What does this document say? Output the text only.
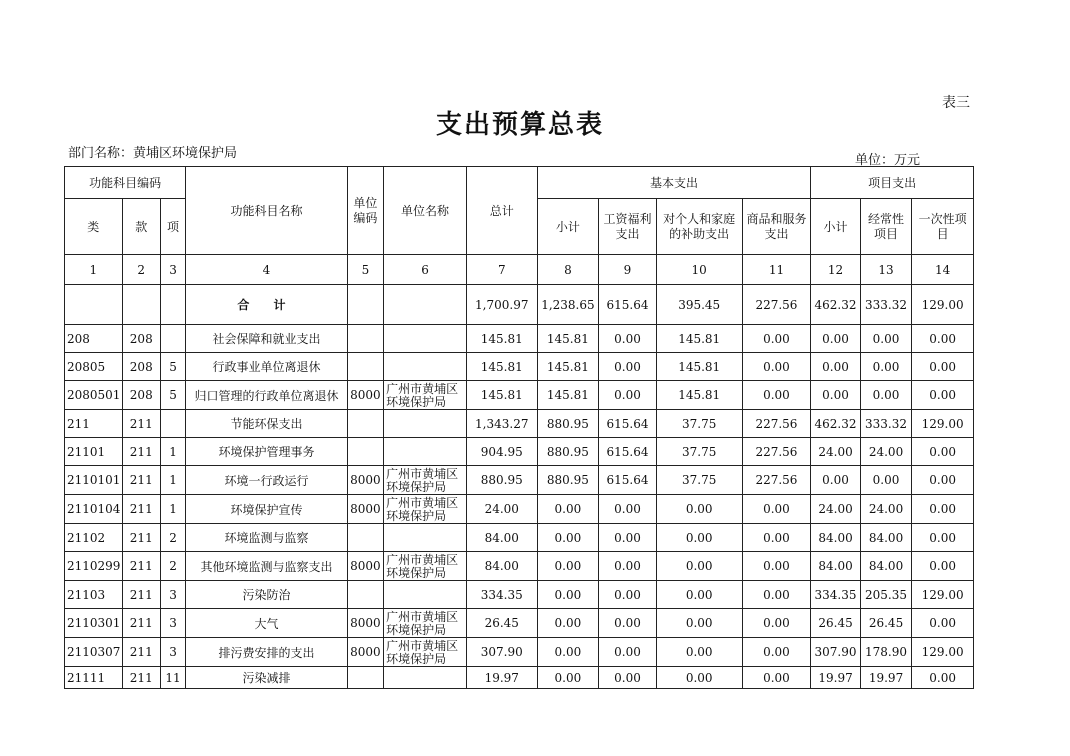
表三
支出预算总表
部门名称：黄埔区环境保护局	单位：万元
功能科目编码			功能科目名称	单位编码	单位名称	总计	基本支出				项目支出		
类	款	项					小计	工资福利支出	对个人和家庭的补助支出	商品和服务支出	小计	经常性项目	一次性项目
1	2	3	4	5	6	7	8	9	10	11	12	13	14
			合 计			1,700.97	1,238.65	615.64	395.45	227.56	462.32	333.32	129.00
208	208		社会保障和就业支出			145.81	145.81	0.00	145.81	0.00	0.00	0.00	0.00
20805	208	5	行政事业单位离退休			145.81	145.81	0.00	145.81	0.00	0.00	0.00	0.00
2080501	208	5	归口管理的行政单位离退休	8000	广州市黄埔区环境保护局	145.81	145.81	0.00	145.81	0.00	0.00	0.00	0.00
211	211		节能环保支出			1,343.27	880.95	615.64	37.75	227.56	462.32	333.32	129.00
21101	211	1	环境保护管理事务			904.95	880.95	615.64	37.75	227.56	24.00	24.00	0.00
2110101	211	1	环境一行政运行	8000	广州市黄埔区环境保护局	880.95	880.95	615.64	37.75	227.56	0.00	0.00	0.00
2110104	211	1	环境保护宣传	8000	广州市黄埔区环境保护局	24.00	0.00	0.00	0.00	0.00	24.00	24.00	0.00
21102	211	2	环境监测与监察			84.00	0.00	0.00	0.00	0.00	84.00	84.00	0.00
2110299	211	2	其他环境监测与监察支出	8000	广州市黄埔区环境保护局	84.00	0.00	0.00	0.00	0.00	84.00	84.00	0.00
21103	211	3	污染防治			334.35	0.00	0.00	0.00	0.00	334.35	205.35	129.00
2110301	211	3	大气	8000	广州市黄埔区环境保护局	26.45	0.00	0.00	0.00	0.00	26.45	26.45	0.00
2110307	211	3	排污费安排的支出	8000	广州市黄埔区环境保护局	307.90	0.00	0.00	0.00	0.00	307.90	178.90	129.00
21111	211	11	污染减排			19.97	0.00	0.00	0.00	0.00	19.97	19.97	0.00
